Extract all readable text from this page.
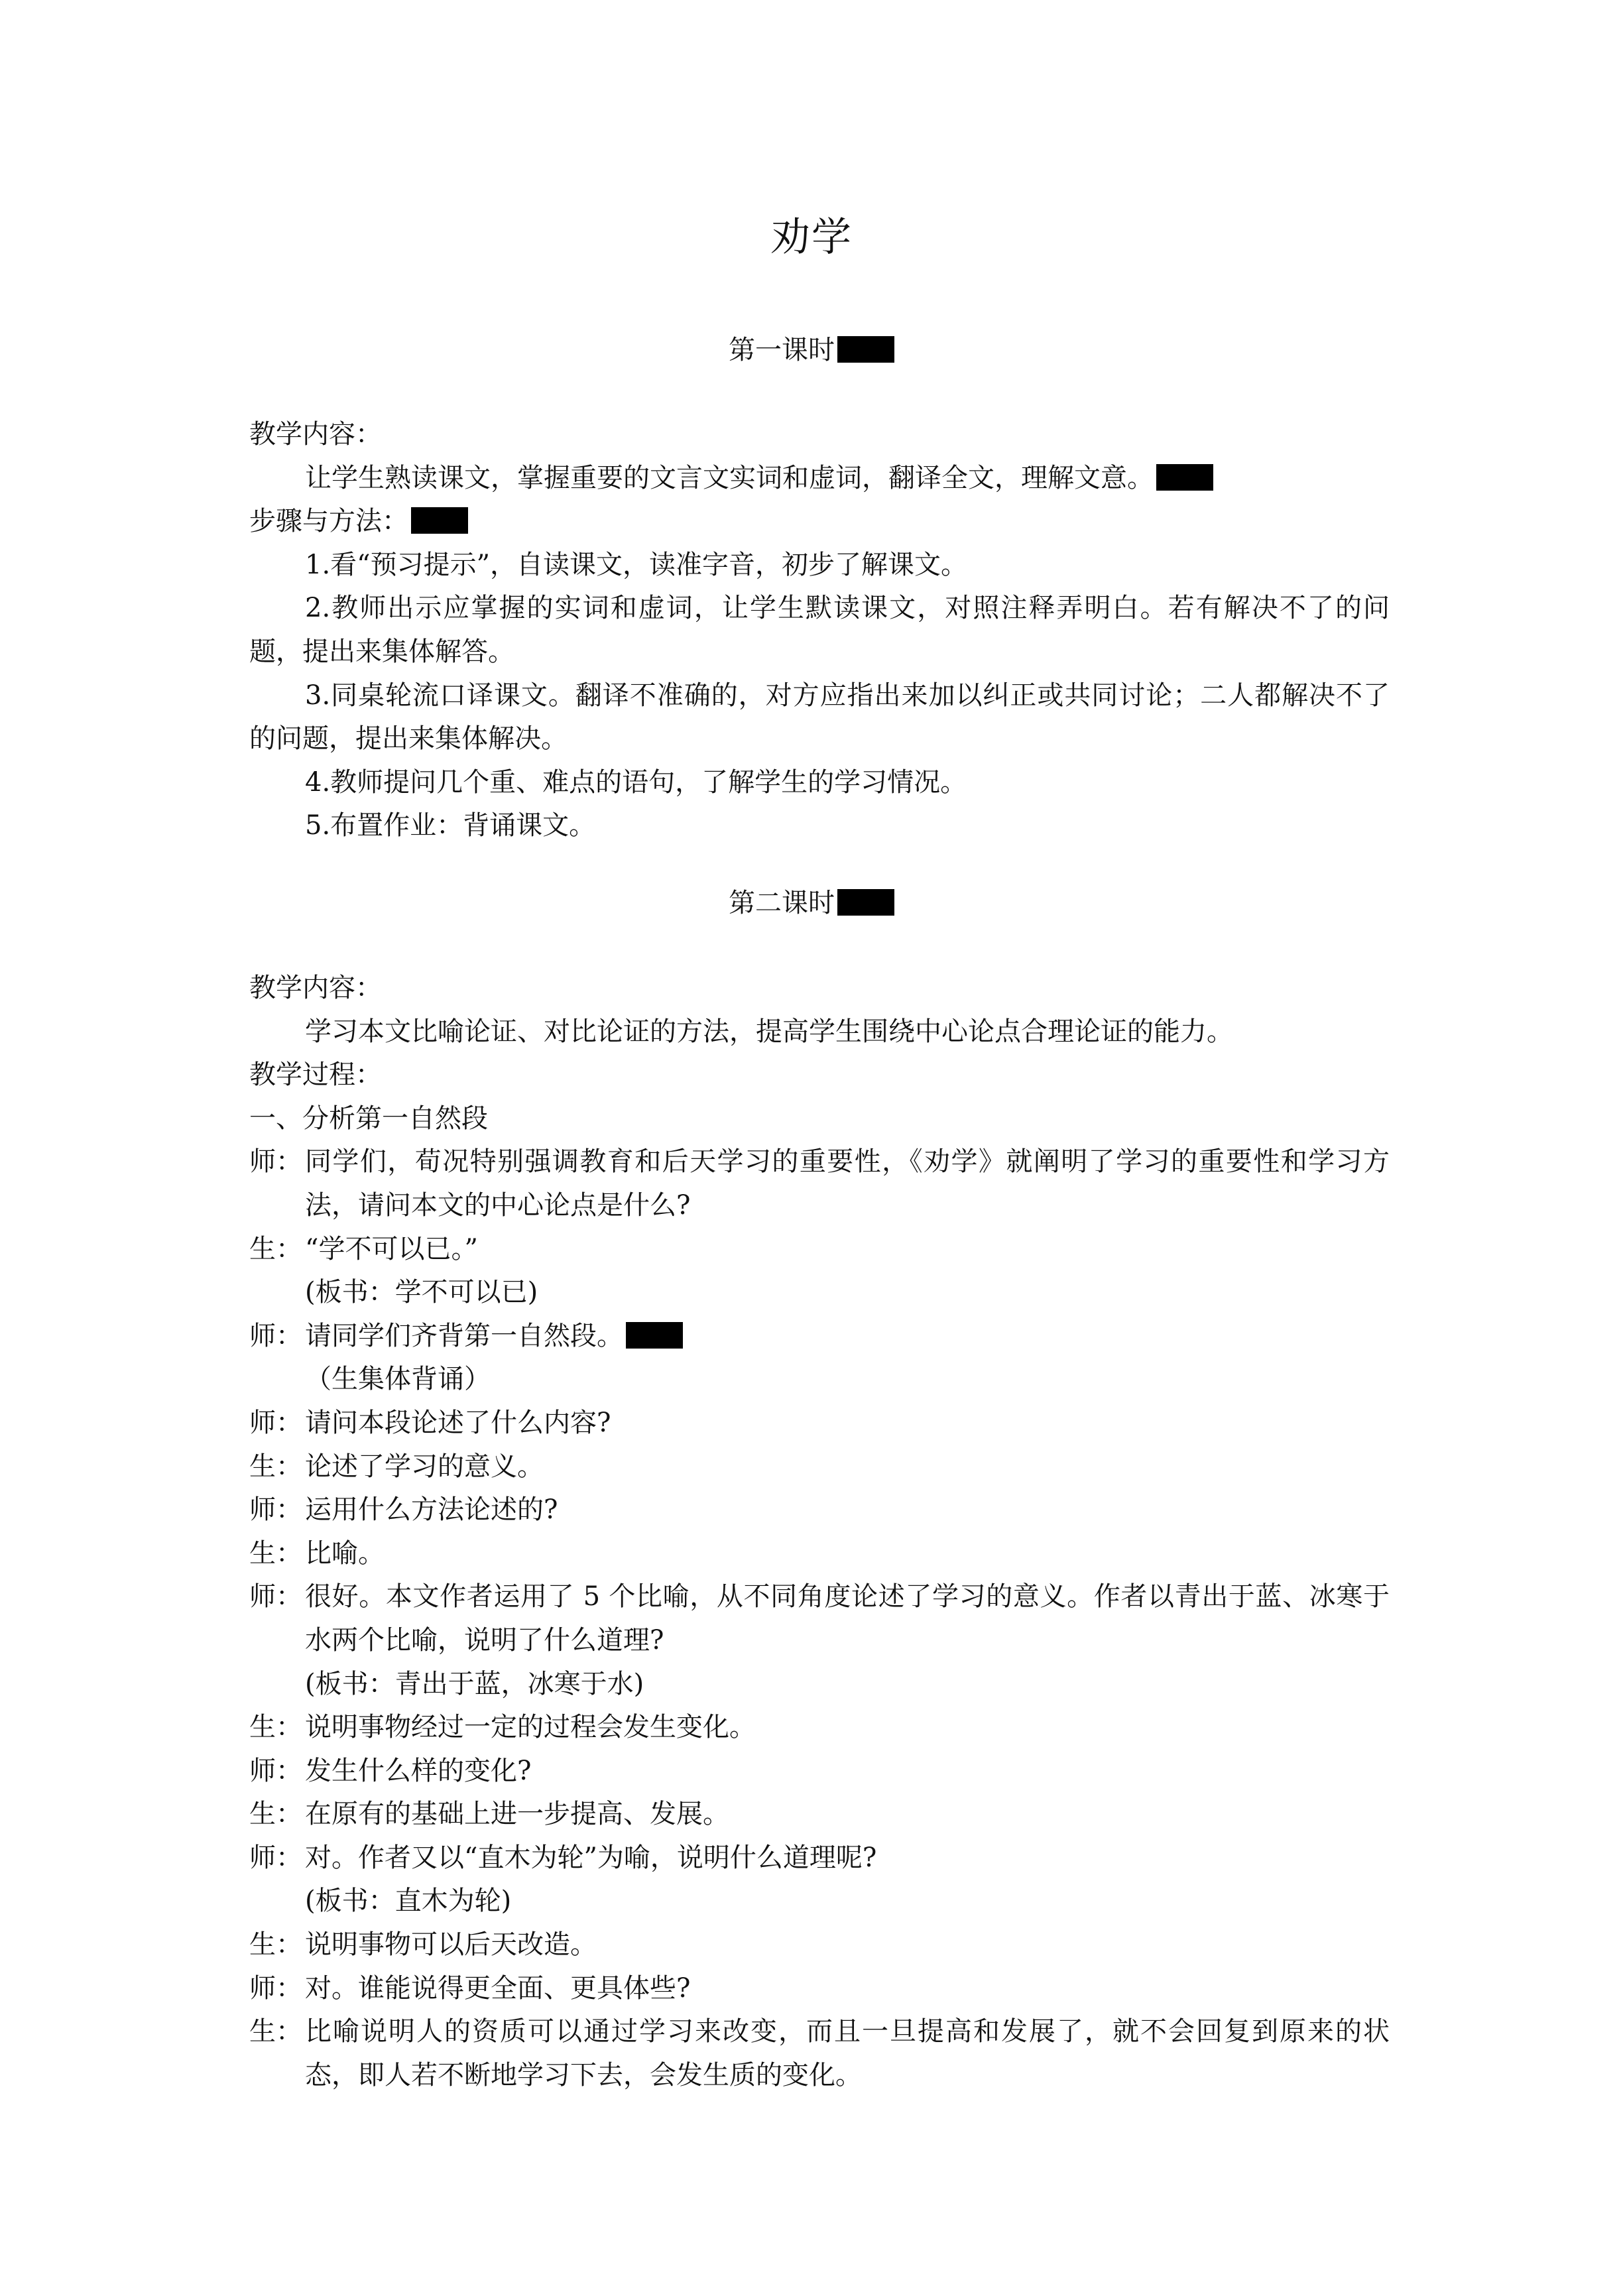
劝学
第一课时
教学内容：
让学生熟读课文，掌握重要的文言文实词和虚词，翻译全文，理解文意。
步骤与方法：
1.看“预习提示”，自读课文，读准字音，初步了解课文。
2.教师出示应掌握的实词和虚词，让学生默读课文，对照注释弄明白。若有解决不了的问题，提出来集体解答。
3.同桌轮流口译课文。翻译不准确的，对方应指出来加以纠正或共同讨论；二人都解决不了的问题，提出来集体解决。
4.教师提问几个重、难点的语句，了解学生的学习情况。
5.布置作业：背诵课文。
第二课时
教学内容：
学习本文比喻论证、对比论证的方法，提高学生围绕中心论点合理论证的能力。
教学过程：
一、分析第一自然段
师： 同学们，荀况特别强调教育和后天学习的重要性，《劝学》就阐明了学习的重要性和学习方法，请问本文的中心论点是什么?
生： “学不可以已。”
(板书：学不可以已)
师： 请同学们齐背第一自然段。
（生集体背诵）
师： 请问本段论述了什么内容?
生： 论述了学习的意义。
师： 运用什么方法论述的?
生： 比喻。
师： 很好。本文作者运用了 5 个比喻，从不同角度论述了学习的意义。作者以青出于蓝、冰寒于水两个比喻，说明了什么道理?
(板书：青出于蓝，冰寒于水)
生： 说明事物经过一定的过程会发生变化。
师： 发生什么样的变化?
生： 在原有的基础上进一步提高、发展。
师： 对。作者又以“直木为轮”为喻，说明什么道理呢?
(板书：直木为轮)
生： 说明事物可以后天改造。
师： 对。谁能说得更全面、更具体些?
生： 比喻说明人的资质可以通过学习来改变，而且一旦提高和发展了，就不会回复到原来的状态，即人若不断地学习下去，会发生质的变化。
